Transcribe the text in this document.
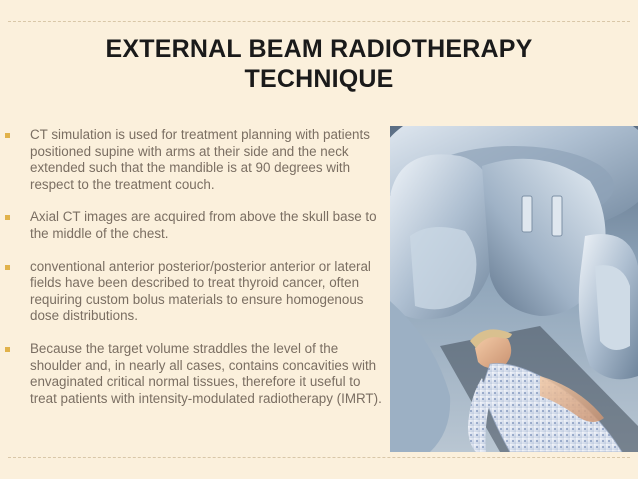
EXTERNAL BEAM RADIOTHERAPY
TECHNIQUE
CT simulation is used for treatment planning with patients positioned supine with arms at their side and the neck extended such that the mandible is at 90 degrees with respect to the treatment couch.
Axial CT images are acquired from above the skull base to the middle of the chest.
conventional anterior posterior/posterior anterior or lateral fields have been described to treat thyroid cancer, often requiring custom bolus materials to ensure homogenous dose distributions.
Because the target volume straddles the level of the shoulder and, in nearly all cases, contains concavities with envaginated critical normal tissues, therefore it useful to treat patients with intensity-modulated radiotherapy (IMRT).
